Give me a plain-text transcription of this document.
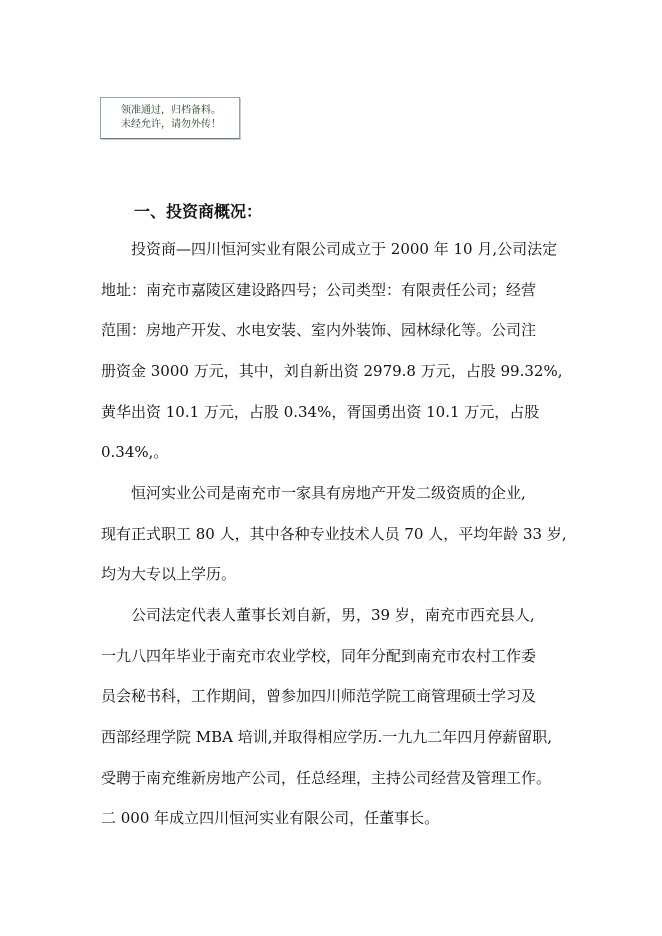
领准通过，归档备料。
未经允许，请勿外传！
一、投资商概况：
　　投资商—四川恒河实业有限公司成立于 2000 年 10 月,公司法定
地址：南充市嘉陵区建设路四号；公司类型：有限责任公司；经营
范围：房地产开发、水电安装、室内外装饰、园林绿化等。公司注
册资金 3000 万元，其中，刘自新出资 2979.8 万元，占股 99.32%,
黄华出资 10.1 万元，占股 0.34%，胥国勇出资 10.1 万元，占股
0.34%,。
　　恒河实业公司是南充市一家具有房地产开发二级资质的企业,
现有正式职工 80 人，其中各种专业技术人员 70 人，平均年龄 33 岁,
均为大专以上学历。
　　公司法定代表人董事长刘自新，男，39 岁，南充市西充县人,
一九八四年毕业于南充市农业学校，同年分配到南充市农村工作委
员会秘书科，工作期间，曾参加四川师范学院工商管理硕士学习及
西部经理学院 MBA 培训,并取得相应学历.一九九二年四月停薪留职,
受聘于南充维新房地产公司，任总经理，主持公司经营及管理工作。
二 000 年成立四川恒河实业有限公司，任董事长。
